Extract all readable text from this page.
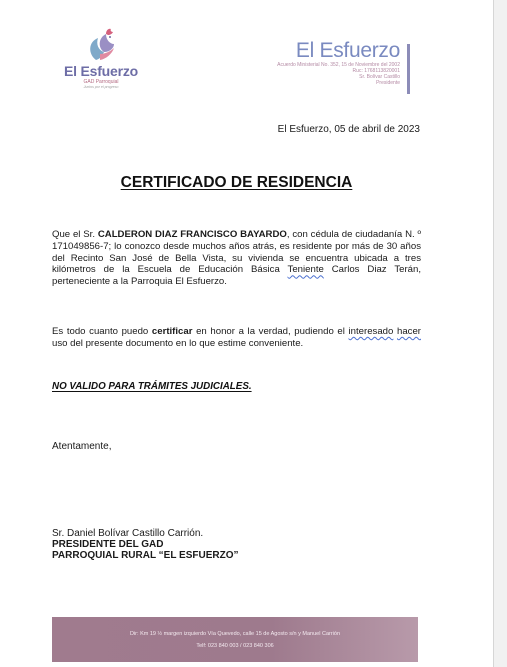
El Esfuerzo
GAD Parroquial
Juntos por el progreso
El Esfuerzo
Acuerdo Ministerial No. 352, 15 de Noviembre del 2002
Ruc: 1768113820001
Sr. Bolívar Castillo
Presidente
El Esfuerzo, 05 de abril de 2023
CERTIFICADO DE RESIDENCIA
Que el Sr. CALDERON DIAZ FRANCISCO BAYARDO, con cédula de ciudadanía N. º 171049856-7; lo conozco desde muchos años atrás, es residente por más de 30 años del Recinto San José de Bella Vista, su vivienda se encuentra ubicada a tres kilómetros de la Escuela de Educación Básica Teniente Carlos Diaz Terán, perteneciente a la Parroquia El Esfuerzo.
Es todo cuanto puedo certificar en honor a la verdad, pudiendo el interesado hacer uso del presente documento en lo que estime conveniente.
NO VALIDO PARA TRÁMITES JUDICIALES.
Atentamente,
Sr. Daniel Bolívar Castillo Carrión.
PRESIDENTE DEL GAD
PARROQUIAL RURAL “EL ESFUERZO”
Dir: Km 19 ½ margen izquierdo Vía Quevedo, calle 15 de Agosto s/n y Manuel Carrión
Telf: 023 840 003 / 023 840 306
